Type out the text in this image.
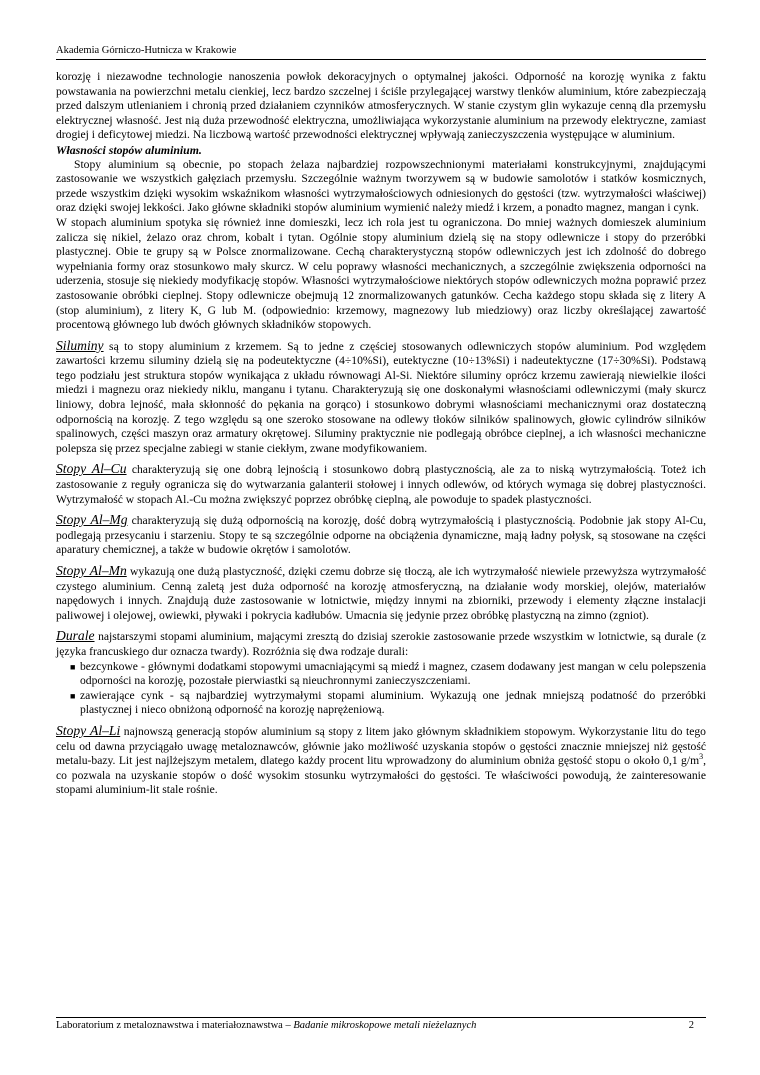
Akademia Górniczo-Hutnicza w Krakowie

korozję i niezawodne technologie nanoszenia powłok dekoracyjnych o optymalnej jakości. Odporność na korozję wynika z faktu powstawania na powierzchni metalu cienkiej, lecz bardzo szczelnej i ściśle przylegającej warstwy tlenków aluminium, które zabezpieczają przed dalszym utlenianiem i chronią przed działaniem czynników atmosferycznych. W stanie czystym glin wykazuje cenną dla przemysłu elektrycznej własność. Jest nią duża przewodność elektryczna, umożliwiająca wykorzystanie aluminium na przewody elektryczne, zamiast drogiej i deficytowej miedzi. Na liczbową wartość przewodności elektrycznej wpływają zanieczyszczenia występujące w aluminium.

Własności stopów aluminium.

Stopy aluminium są obecnie, po stopach żelaza najbardziej rozpowszechnionymi materiałami konstrukcyjnymi, znajdującymi zastosowanie we wszystkich gałęziach przemysłu. Szczególnie ważnym tworzywem są w budowie samolotów i statków kosmicznych, przede wszystkim dzięki wysokim wskaźnikom własności wytrzymałościowych odniesionych do gęstości (tzw. wytrzymałości właściwej) oraz dzięki swojej lekkości. Jako główne składniki stopów aluminium wymienić należy miedź i krzem, a ponadto magnez, mangan i cynk.

W stopach aluminium spotyka się również inne domieszki, lecz ich rola jest tu ograniczona. Do mniej ważnych domieszek aluminium zalicza się nikiel, żelazo oraz chrom, kobalt i tytan. Ogólnie stopy aluminium dzielą się na stopy odlewnicze i stopy do przeróbki plastycznej. Obie te grupy są w Polsce znormalizowane. Cechą charakterystyczną stopów odlewniczych jest ich zdolność do dobrego wypełniania formy oraz stosunkowo mały skurcz. W celu poprawy własności mechanicznych, a szczególnie zwiększenia odporności na uderzenia, stosuje się niekiedy modyfikację stopów. Własności wytrzymałościowe niektórych stopów odlewniczych można poprawić przez zastosowanie obróbki cieplnej. Stopy odlewnicze obejmują 12 znormalizowanych gatunków. Cecha każdego stopu składa się z litery A (stop aluminium), z litery K, G lub M. (odpowiednio: krzemowy, magnezowy lub miedziowy) oraz liczby określającej zawartość procentową głównego lub dwóch głównych składników stopowych.

Siluminy są to stopy aluminium z krzemem. Są to jedne z częściej stosowanych odlewniczych stopów aluminium. Pod względem zawartości krzemu siluminy dzielą się na podeutektyczne (4÷10%Si), eutektyczne (10÷13%Si) i nadeutektyczne (17÷30%Si). Podstawą tego podziału jest struktura stopów wynikająca z układu równowagi Al-Si. Niektóre siluminy oprócz krzemu zawierają niewielkie ilości miedzi i magnezu oraz niekiedy niklu, manganu i tytanu. Charakteryzują się one doskonałymi własnościami odlewniczymi (mały skurcz liniowy, dobra lejność, mała skłonność do pękania na gorąco) i stosunkowo dobrymi własnościami mechanicznymi oraz dostateczną odpornością na korozję. Z tego względu są one szeroko stosowane na odlewy tłoków silników spalinowych, głowic cylindrów silników spalinowych, części maszyn oraz armatury okrętowej. Siluminy praktycznie nie podlegają obróbce cieplnej, a ich własności mechaniczne polepsza się przez specjalne zabiegi w stanie ciekłym, zwane modyfikowaniem.

Stopy Al–Cu charakteryzują się one dobrą lejnością i stosunkowo dobrą plastycznością, ale za to niską wytrzymałością. Toteż ich zastosowanie z reguły ogranicza się do wytwarzania galanterii stołowej i innych odlewów, od których wymaga się dobrej plastyczności. Wytrzymałość w stopach Al.-Cu można zwiększyć poprzez obróbkę cieplną, ale powoduje to spadek plastyczności.

Stopy Al–Mg charakteryzują się dużą odpornością na korozję, dość dobrą wytrzymałością i plastycznością. Podobnie jak stopy Al-Cu, podlegają przesycaniu i starzeniu. Stopy te są szczególnie odporne na obciążenia dynamiczne, mają ładny połysk, są stosowane na części aparatury chemicznej, a także w budowie okrętów i samolotów.

Stopy Al–Mn wykazują one dużą plastyczność, dzięki czemu dobrze się tłoczą, ale ich wytrzymałość niewiele przewyższa wytrzymałość czystego aluminium. Cenną zaletą jest duża odporność na korozję atmosferyczną, na działanie wody morskiej, olejów, materiałów napędowych i innych. Znajdują duże zastosowanie w lotnictwie, między innymi na zbiorniki, przewody i elementy złączne instalacji paliwowej i olejowej, owiewki, pływaki i pokrycia kadłubów. Umacnia się jedynie przez obróbkę plastyczną na zimno (zgniot).

Durale najstarszymi stopami aluminium, mającymi zresztą do dzisiaj szerokie zastosowanie przede wszystkim w lotnictwie, są durale (z języka francuskiego dur oznacza twardy). Rozróżnia się dwa rodzaje durali:

■ bezcynkowe - głównymi dodatkami stopowymi umacniającymi są miedź i magnez, czasem dodawany jest mangan w celu polepszenia odporności na korozję, pozostałe pierwiastki są nieuchronnymi zanieczyszczeniami.
■ zawierające cynk - są najbardziej wytrzymałymi stopami aluminium. Wykazują one jednak mniejszą podatność do przeróbki plastycznej i nieco obniżoną odporność na korozję naprężeniową.

Stopy Al–Li najnowszą generacją stopów aluminium są stopy z litem jako głównym składnikiem stopowym. Wykorzystanie litu do tego celu od dawna przyciągało uwagę metaloznawców, głównie jako możliwość uzyskania stopów o gęstości znacznie mniejszej niż gęstość metalu-bazy. Lit jest najlżejszym metalem, dlatego każdy procent litu wprowadzony do aluminium obniża gęstość stopu o około 0,1 $g/m^3$, co pozwala na uzyskanie stopów o dość wysokim stosunku wytrzymałości do gęstości. Te właściwości powodują, że zainteresowanie stopami aluminium-lit stale rośnie.

Laboratorium z metaloznawstwa i materiałoznawstwa – Badanie mikroskopowe metali nieżelaznych	2
